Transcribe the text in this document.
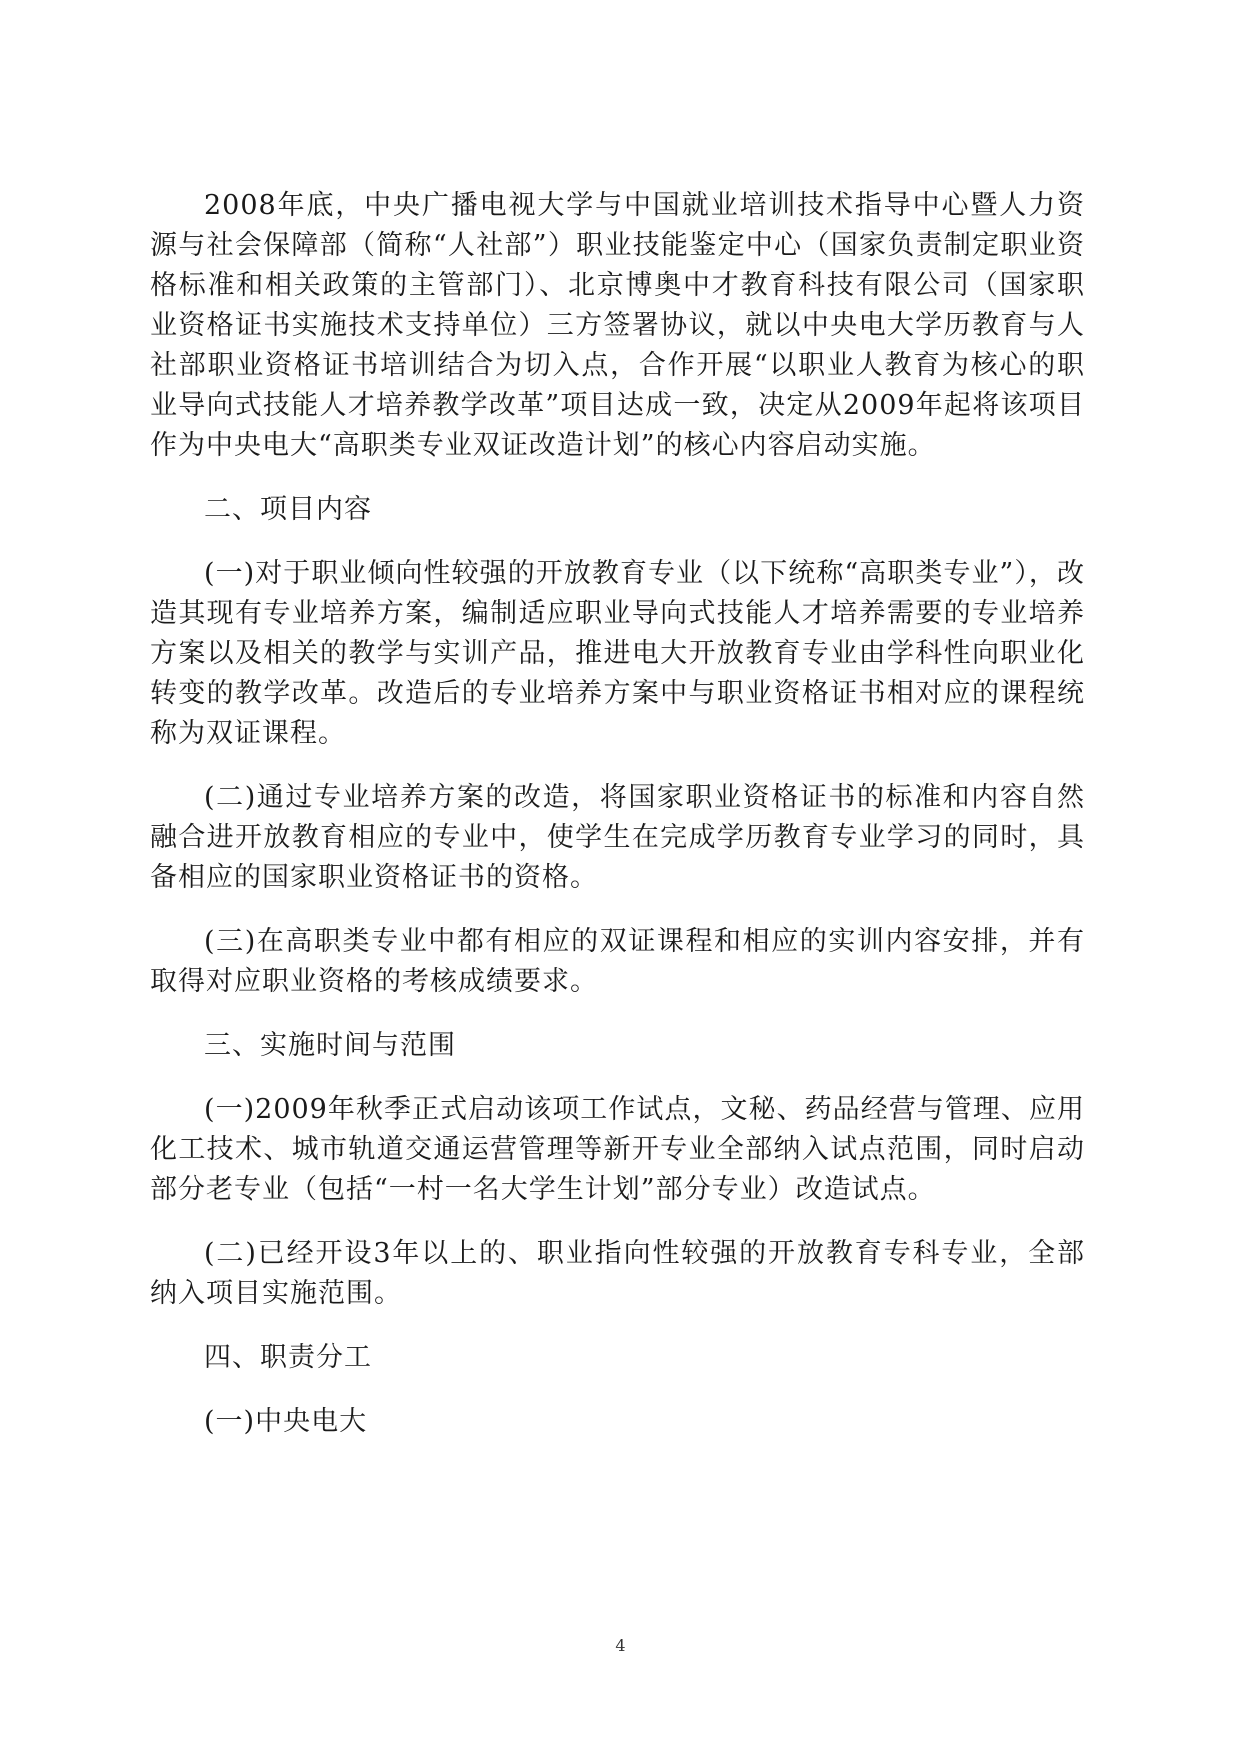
2008年底，中央广播电视大学与中国就业培训技术指导中心暨人力资源与社会保障部（简称“人社部”）职业技能鉴定中心（国家负责制定职业资格标准和相关政策的主管部门）、北京博奥中才教育科技有限公司（国家职业资格证书实施技术支持单位）三方签署协议，就以中央电大学历教育与人社部职业资格证书培训结合为切入点，合作开展“以职业人教育为核心的职业导向式技能人才培养教学改革”项目达成一致，决定从2009年起将该项目作为中央电大“高职类专业双证改造计划”的核心内容启动实施。

二、项目内容

(一)对于职业倾向性较强的开放教育专业（以下统称“高职类专业”），改造其现有专业培养方案，编制适应职业导向式技能人才培养需要的专业培养方案以及相关的教学与实训产品，推进电大开放教育专业由学科性向职业化转变的教学改革。改造后的专业培养方案中与职业资格证书相对应的课程统称为双证课程。

(二)通过专业培养方案的改造，将国家职业资格证书的标准和内容自然融合进开放教育相应的专业中，使学生在完成学历教育专业学习的同时，具备相应的国家职业资格证书的资格。

(三)在高职类专业中都有相应的双证课程和相应的实训内容安排，并有取得对应职业资格的考核成绩要求。

三、实施时间与范围

(一)2009年秋季正式启动该项工作试点，文秘、药品经营与管理、应用化工技术、城市轨道交通运营管理等新开专业全部纳入试点范围，同时启动部分老专业（包括“一村一名大学生计划”部分专业）改造试点。

(二)已经开设3年以上的、职业指向性较强的开放教育专科专业，全部纳入项目实施范围。

四、职责分工

(一)中央电大

4
